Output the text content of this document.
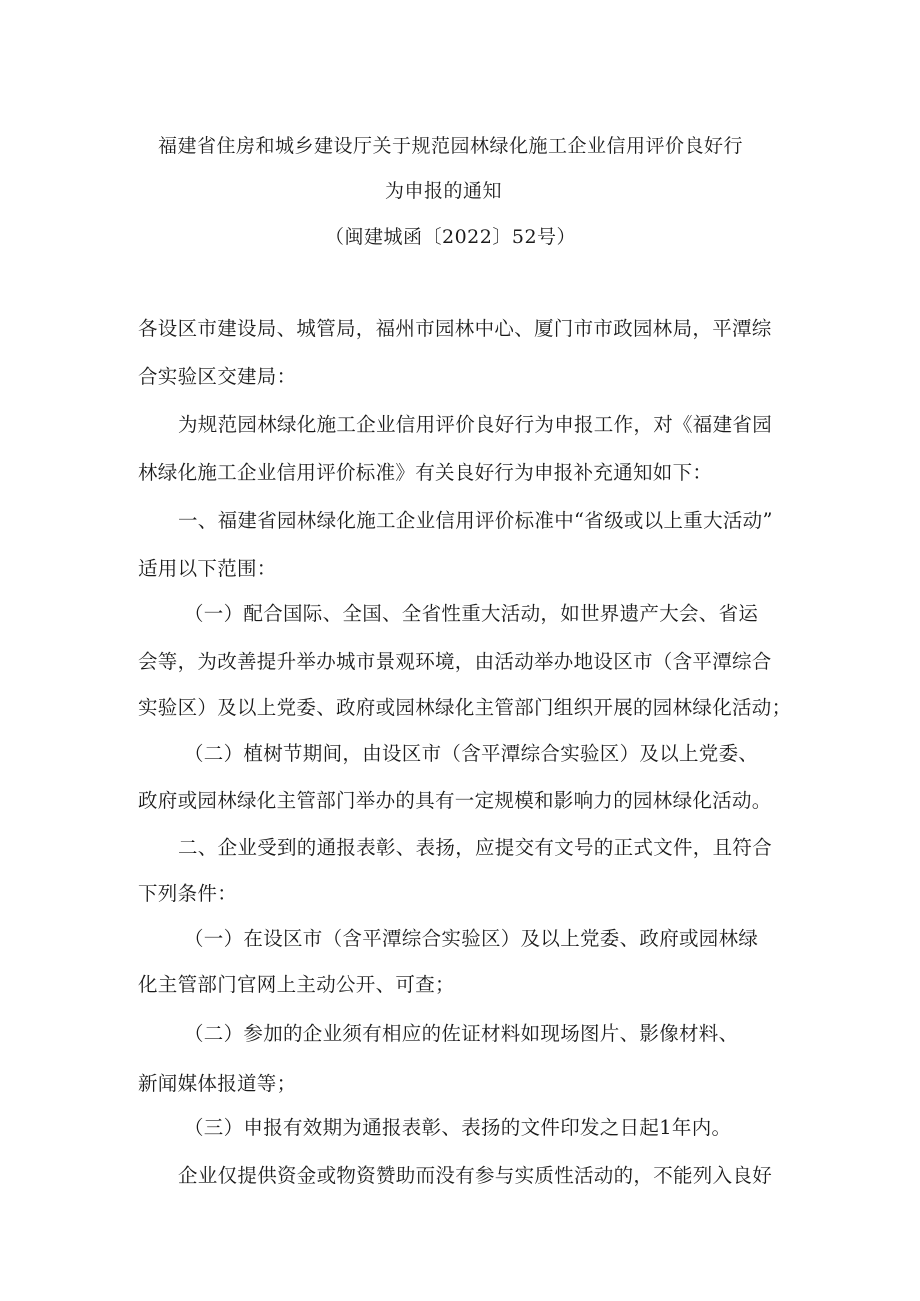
福建省住房和城乡建设厅关于规范园林绿化施工企业信用评价良好行
为申报的通知
（闽建城函〔2022〕52号）
各设区市建设局、城管局，福州市园林中心、厦门市市政园林局，平潭综
合实验区交建局：
为规范园林绿化施工企业信用评价良好行为申报工作，对《福建省园
林绿化施工企业信用评价标准》有关良好行为申报补充通知如下：
一、福建省园林绿化施工企业信用评价标准中“省级或以上重大活动”
适用以下范围：
（一）配合国际、全国、全省性重大活动，如世界遗产大会、省运
会等，为改善提升举办城市景观环境，由活动举办地设区市（含平潭综合
实验区）及以上党委、政府或园林绿化主管部门组织开展的园林绿化活动；
（二）植树节期间，由设区市（含平潭综合实验区）及以上党委、
政府或园林绿化主管部门举办的具有一定规模和影响力的园林绿化活动。
二、企业受到的通报表彰、表扬，应提交有文号的正式文件，且符合
下列条件：
（一）在设区市（含平潭综合实验区）及以上党委、政府或园林绿
化主管部门官网上主动公开、可查；
（二）参加的企业须有相应的佐证材料如现场图片、影像材料、
新闻媒体报道等；
（三）申报有效期为通报表彰、表扬的文件印发之日起1年内。
企业仅提供资金或物资赞助而没有参与实质性活动的，不能列入良好
